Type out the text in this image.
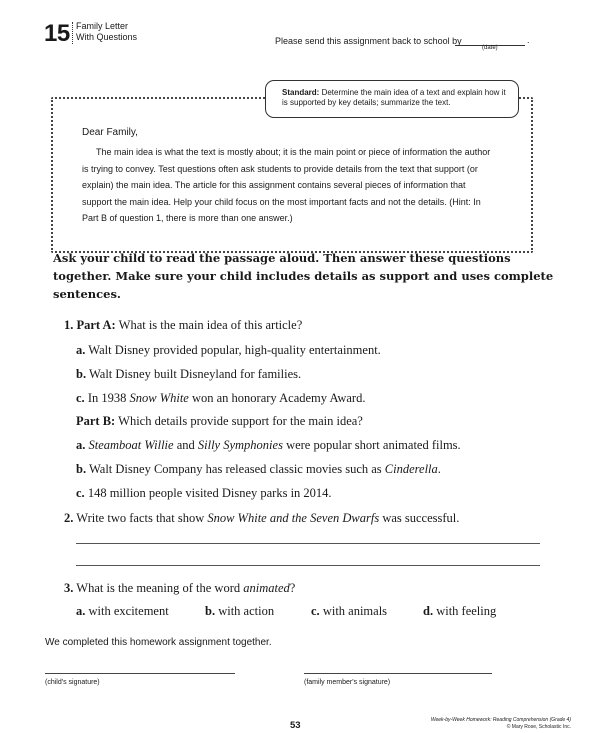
15 Family Letter
With Questions	Please send this assignment back to school by	.
(date)
Standard: Determine the main idea of a text and explain how it is supported by key details; summarize the text.
Dear Family,
The main idea is what the text is mostly about; it is the main point or piece of information the author is trying to convey. Test questions often ask students to provide details from the text that support (or explain) the main idea. The article for this assignment contains several pieces of information that support the main idea. Help your child focus on the most important facts and not the details. (Hint: In Part B of question 1, there is more than one answer.)
Ask your child to read the passage aloud. Then answer these questions together. Make sure your child includes details as support and uses complete sentences.
1. Part A: What is the main idea of this article?
a. Walt Disney provided popular, high-quality entertainment.
b. Walt Disney built Disneyland for families.
c. In 1938 Snow White won an honorary Academy Award.
Part B: Which details provide support for the main idea?
a. Steamboat Willie and Silly Symphonies were popular short animated films.
b. Walt Disney Company has released classic movies such as Cinderella.
c. 148 million people visited Disney parks in 2014.
2. Write two facts that show Snow White and the Seven Dwarfs was successful.
3. What is the meaning of the word animated?
a. with excitement	b. with action	c. with animals	d. with feeling
We completed this homework assignment together.
(child's signature)	(family member's signature)
53	Week-by-Week Homework: Reading Comprehension (Grade 4)
© Mary Rose, Scholastic Inc.
